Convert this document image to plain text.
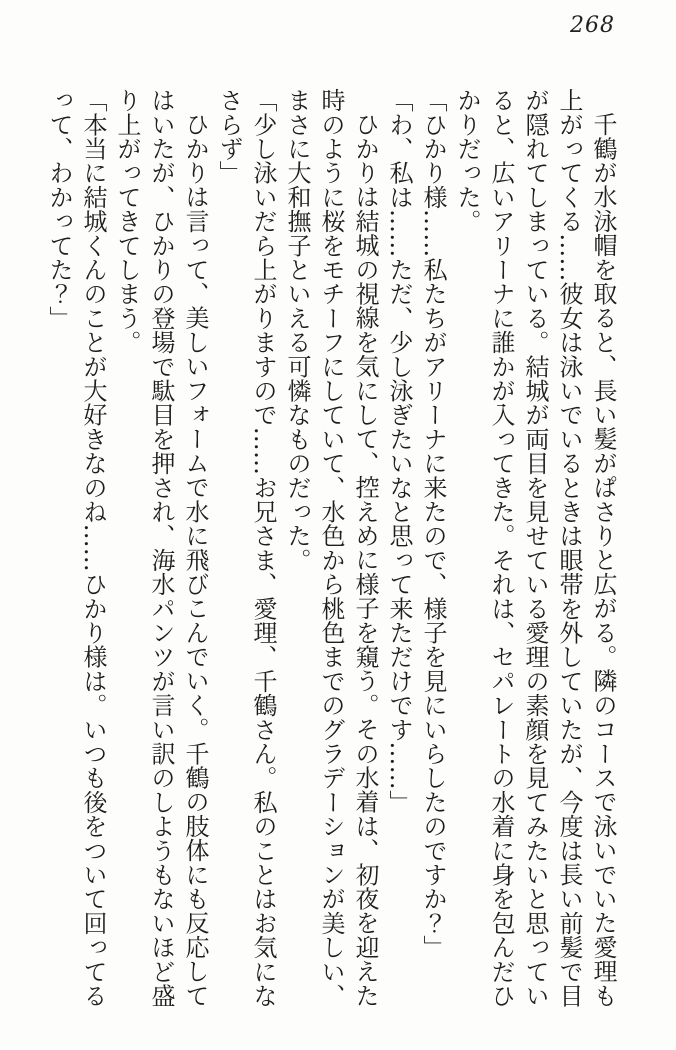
268

千鶴が水泳帽を取ると、長い髪がぱさりと広がる。隣のコースで泳いでいた愛理も

上がってくる……彼女は泳いでいるときは眼帯を外していたが、今度は長い前髪で目

が隠れてしまっている。結城が両目を見せている愛理の素顔を見てみたいと思ってい

ると、広いアリーナに誰かが入ってきた。それは、セパレートの水着に身を包んだひ

かりだった。

「ひかり様……私たちがアリーナに来たので、様子を見にいらしたのですか？」

「わ、私は……ただ、少し泳ぎたいなと思って来ただけです……」

ひかりは結城の視線を気にして、控えめに様子を窺う。その水着は、初夜を迎えた

時のように桜をモチーフにしていて、水色から桃色までのグラデーションが美しい、

まさに大和撫子といえる可憐なものだった。

「少し泳いだら上がりますので……お兄さま、愛理、千鶴さん。私のことはお気にな

さらず」

ひかりは言って、美しいフォームで水に飛びこんでいく。千鶴の肢体にも反応して

はいたが、ひかりの登場で駄目を押され、海水パンツが言い訳のしようもないほど盛

り上がってきてしまう。

「本当に結城くんのことが大好きなのね……ひかり様は。いつも後をついて回ってる

って、わかってた？」
